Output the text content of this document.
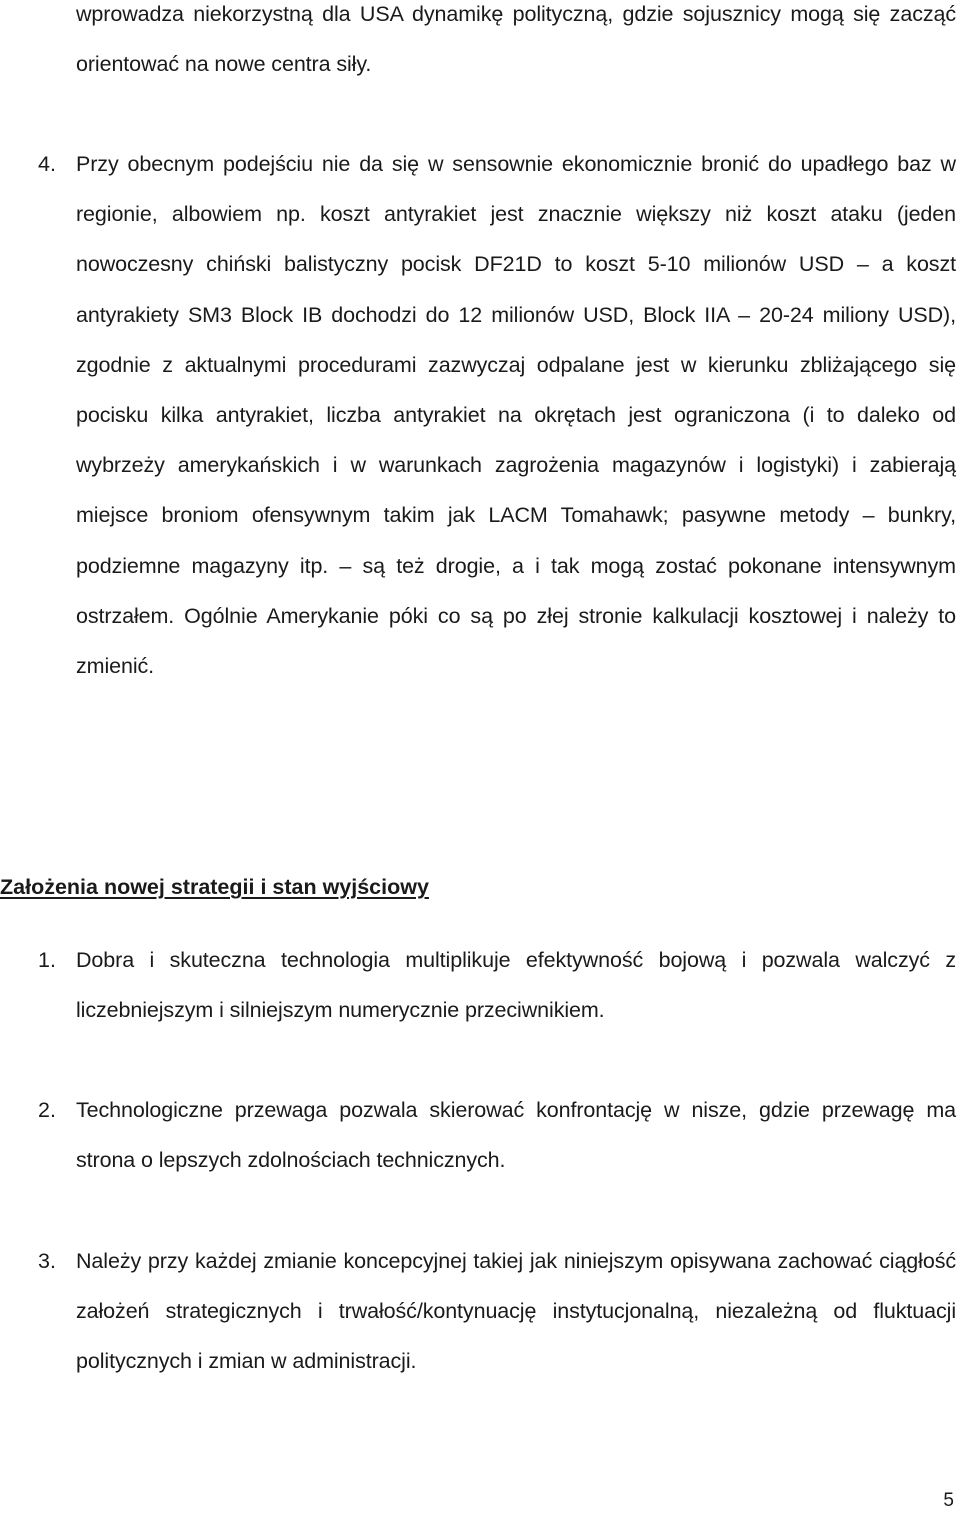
wprowadza niekorzystną dla USA dynamikę polityczną, gdzie sojusznicy mogą się zacząć orientować na nowe centra siły.

4. Przy obecnym podejściu nie da się w sensownie ekonomicznie bronić do upadłego baz w regionie, albowiem np. koszt antyrakiet jest znacznie większy niż koszt ataku (jeden nowoczesny chiński balistyczny pocisk DF21D to koszt 5-10 milionów USD – a koszt antyrakiety SM3 Block IB dochodzi do 12 milionów USD, Block IIA – 20-24 miliony USD), zgodnie z aktualnymi procedurami zazwyczaj odpalane jest w kierunku zbliżającego się pocisku kilka antyrakiet, liczba antyrakiet na okrętach jest ograniczona (i to daleko od wybrzeży amerykańskich i w warunkach zagrożenia magazynów i logistyki) i zabierają miejsce broniom ofensywnym takim jak LACM Tomahawk; pasywne metody – bunkry, podziemne magazyny itp. – są też drogie, a i tak mogą zostać pokonane intensywnym ostrzałem. Ogólnie Amerykanie póki co są po złej stronie kalkulacji kosztowej i należy to zmienić.

Założenia nowej strategii i stan wyjściowy

1. Dobra i skuteczna technologia multiplikuje efektywność bojową i pozwala walczyć z liczebniejszym i silniejszym numerycznie przeciwnikiem.

2. Technologiczne przewaga pozwala skierować konfrontację w nisze, gdzie przewagę ma strona o lepszych zdolnościach technicznych.

3. Należy przy każdej zmianie koncepcyjnej takiej jak niniejszym opisywana zachować ciągłość założeń strategicznych i trwałość/kontynuację instytucjonalną, niezależną od fluktuacji politycznych i zmian w administracji.

5
